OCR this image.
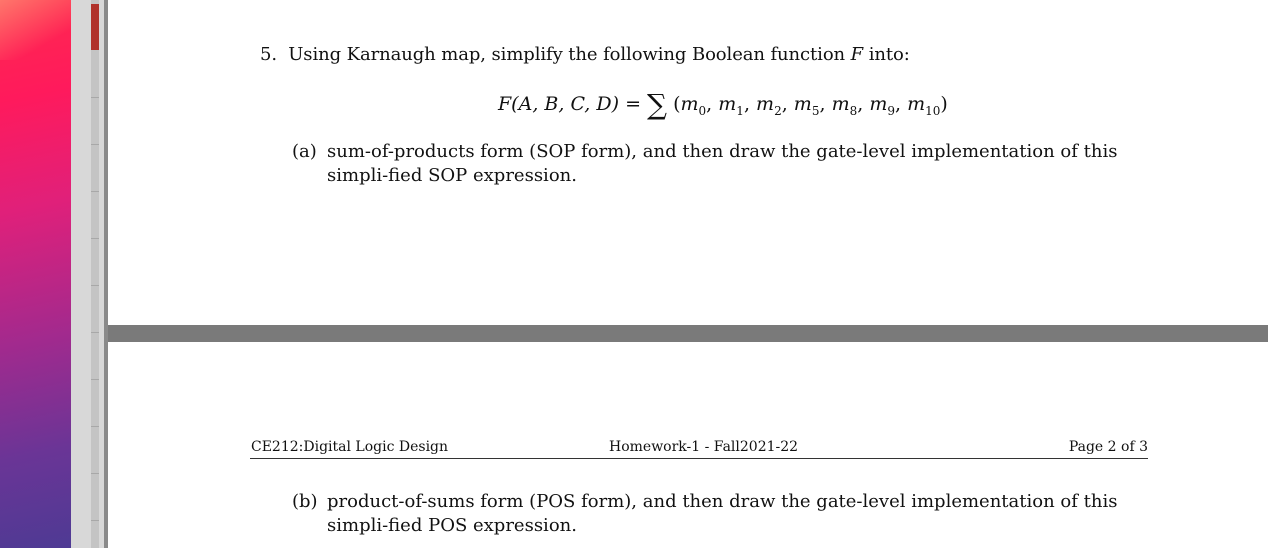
5. Using Karnaugh map, simplify the following Boolean function F into:
F(A, B, C, D) = ∑ ($m_0$, $m_1$, $m_2$, $m_5$, $m_8$, $m_9$, $m_{10}$)
(a) sum-of-products form (SOP form), and then draw the gate-level implementation of this simpli-fied SOP expression.
CE212:Digital Logic Design	Homework-1 - Fall2021-22	Page 2 of 3
(b) product-of-sums form (POS form), and then draw the gate-level implementation of this simpli-fied POS expression.
